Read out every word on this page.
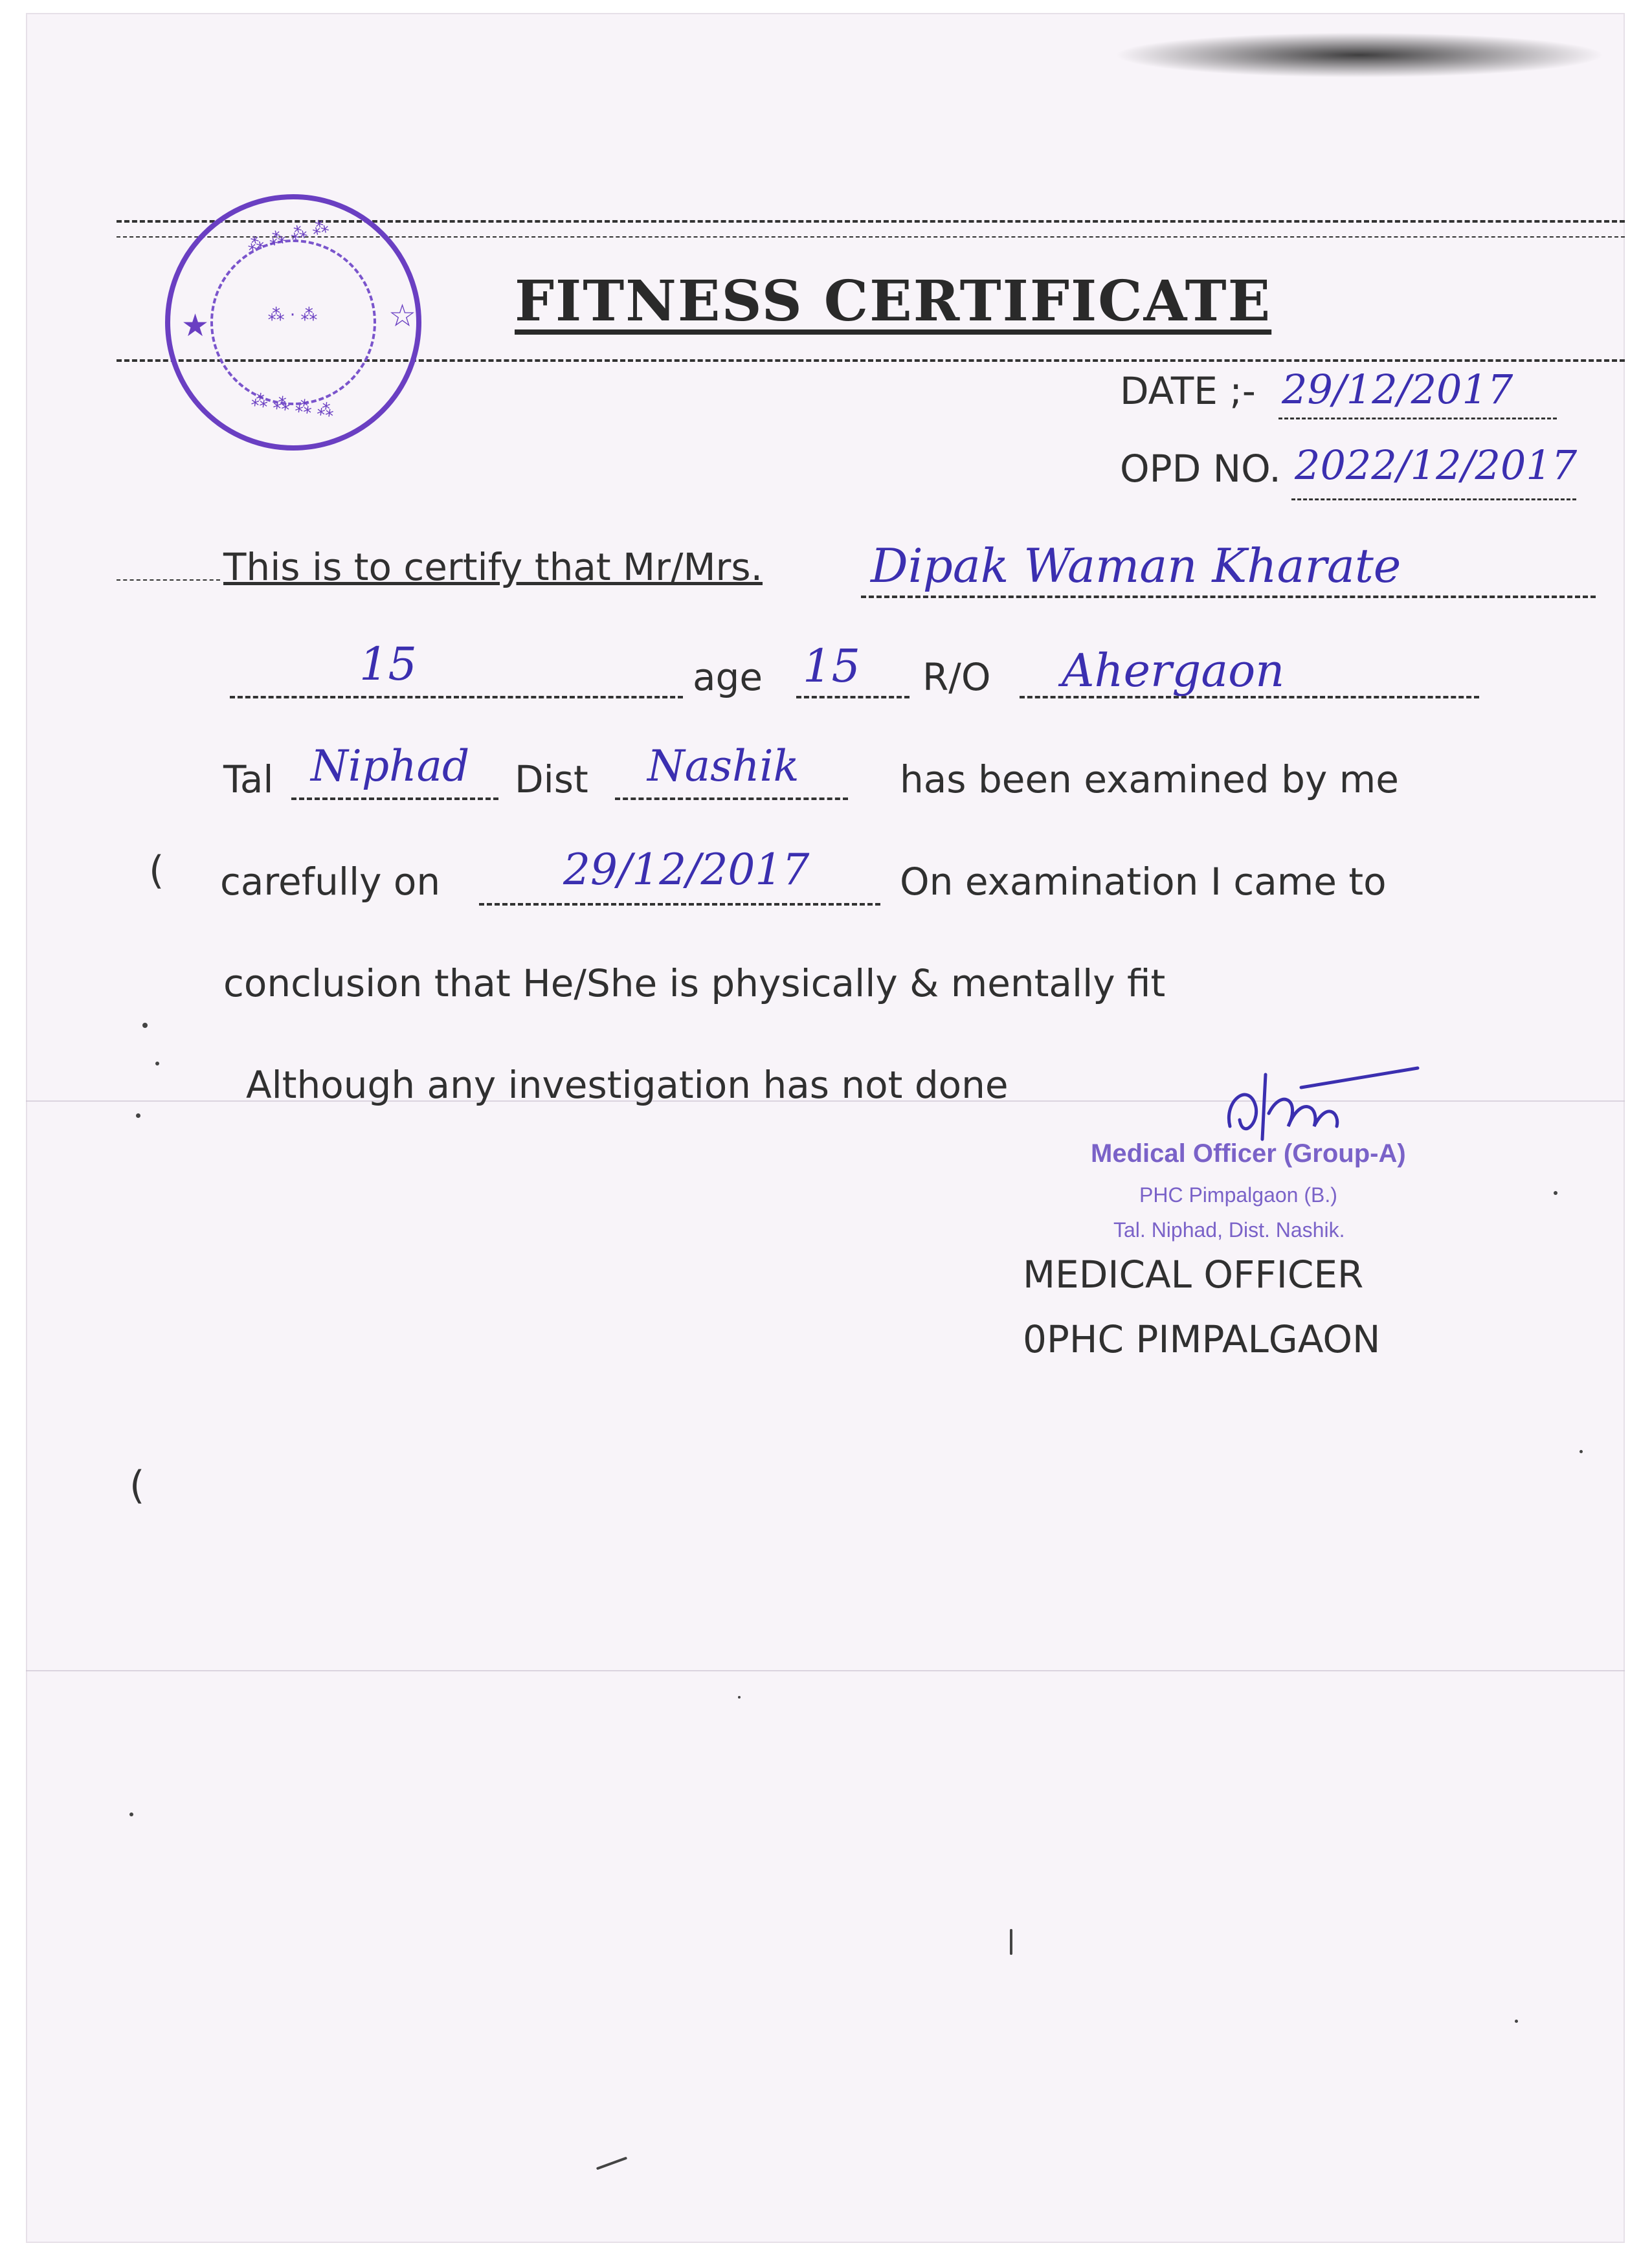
⁂ ⁂ ⁂ ⁂
⁂ · ⁂
⁂ ⁂ ⁂ ⁂
★	☆ FITNESS CERTIFICATE
DATE ;- 29/12/2017
OPD NO. 2022/12/2017
This is to certify that Mr/Mrs. Dipak Waman Kharate
15	age 15 R/O Ahergaon
Tal Niphad Dist Nashik	has been examined by me
carefully on	29/12/2017 On examination I came to
conclusion that He/She is physically & mentally fit
Although any investigation has not done
Medical Officer (Group-A)
PHC Pimpalgaon (B.)
Tal. Niphad, Dist. Nashik.
MEDICAL OFFICER
0PHC PIMPALGAON
(
(
